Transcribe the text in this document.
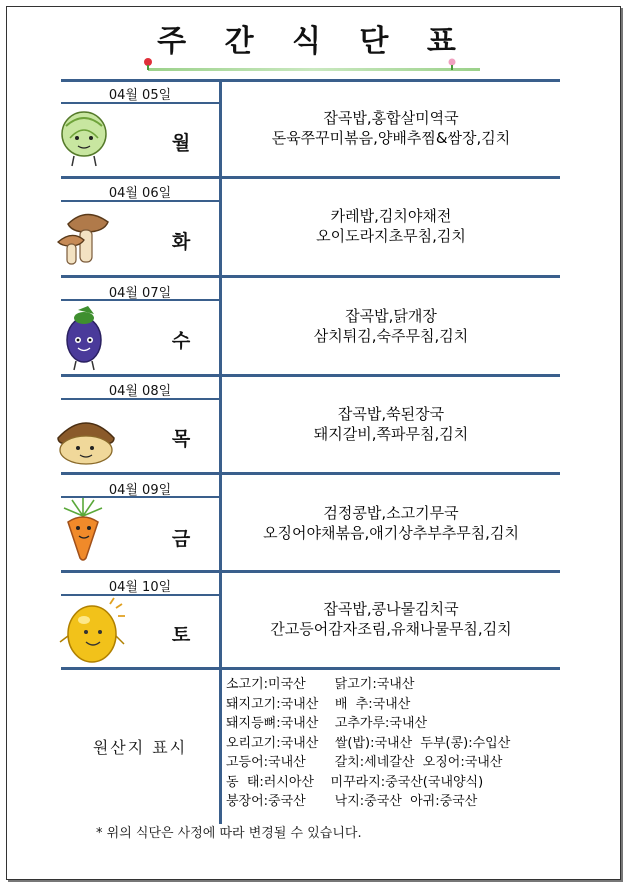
주 간 식 단 표
04월 05일
월
잡곡밥,홍합살미역국
돈육쭈꾸미볶음,양배추찜&쌈장,김치
04월 06일
화
카레밥,김치야채전
오이도라지초무침,김치
04월 07일
수
잡곡밥,닭개장
삼치튀김,숙주무침,김치
04월 08일
목
잡곡밥,쑥된장국
돼지갈비,쪽파무침,김치
04월 09일
금
검정콩밥,소고기무국
오징어야채볶음,애기상추부추무침,김치
04월 10일
토
잡곡밥,콩나물김치국
간고등어감자조림,유채나물무침,김치
원산지 표시
소고기:미국산       닭고기:국내산
돼지고기:국내산    배  추:국내산
돼지등뼈:국내산    고추가루:국내산
오리고기:국내산    쌀(밥):국내산  두부(콩):수입산
고등어:국내산       갈치:세네갈산  오징어:국내산
동  태:러시아산    미꾸라지:중국산(국내양식)
붕장어:중국산       낙지:중국산  아귀:중국산
* 위의 식단은 사정에 따라 변경될 수 있습니다.
